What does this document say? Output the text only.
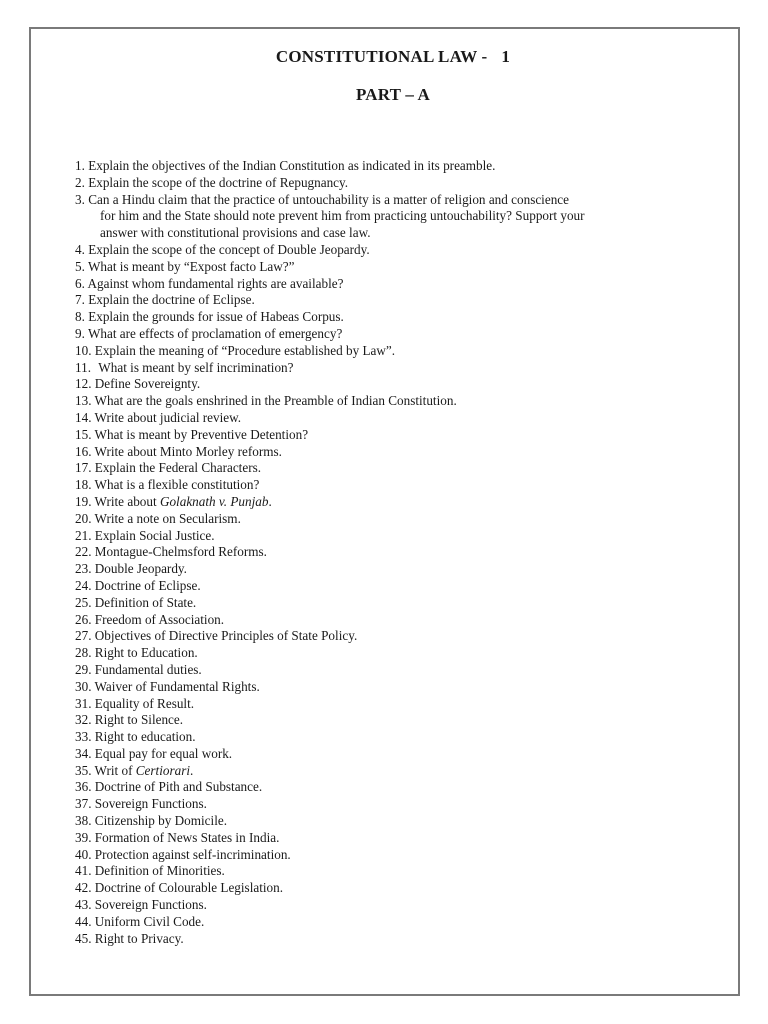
CONSTITUTIONAL LAW - 1
PART – A
1. Explain the objectives of the Indian Constitution as indicated in its preamble.
2. Explain the scope of the doctrine of Repugnancy.
3. Can a Hindu claim that the practice of untouchability is a matter of religion and conscience
for him and the State should note prevent him from practicing untouchability? Support your
answer with constitutional provisions and case law.
4. Explain the scope of the concept of Double Jeopardy.
5. What is meant by “Expost facto Law?”
6. Against whom fundamental rights are available?
7. Explain the doctrine of Eclipse.
8. Explain the grounds for issue of Habeas Corpus.
9. What are effects of proclamation of emergency?
10. Explain the meaning of “Procedure established by Law”.
11. What is meant by self incrimination?
12. Define Sovereignty.
13. What are the goals enshrined in the Preamble of Indian Constitution.
14. Write about judicial review.
15. What is meant by Preventive Detention?
16. Write about Minto Morley reforms.
17. Explain the Federal Characters.
18. What is a flexible constitution?
19. Write about Golaknath v. Punjab.
20. Write a note on Secularism.
21. Explain Social Justice.
22. Montague-Chelmsford Reforms.
23. Double Jeopardy.
24. Doctrine of Eclipse.
25. Definition of State.
26. Freedom of Association.
27. Objectives of Directive Principles of State Policy.
28. Right to Education.
29. Fundamental duties.
30. Waiver of Fundamental Rights.
31. Equality of Result.
32. Right to Silence.
33. Right to education.
34. Equal pay for equal work.
35. Writ of Certiorari.
36. Doctrine of Pith and Substance.
37. Sovereign Functions.
38. Citizenship by Domicile.
39. Formation of News States in India.
40. Protection against self-incrimination.
41. Definition of Minorities.
42. Doctrine of Colourable Legislation.
43. Sovereign Functions.
44. Uniform Civil Code.
45. Right to Privacy.
